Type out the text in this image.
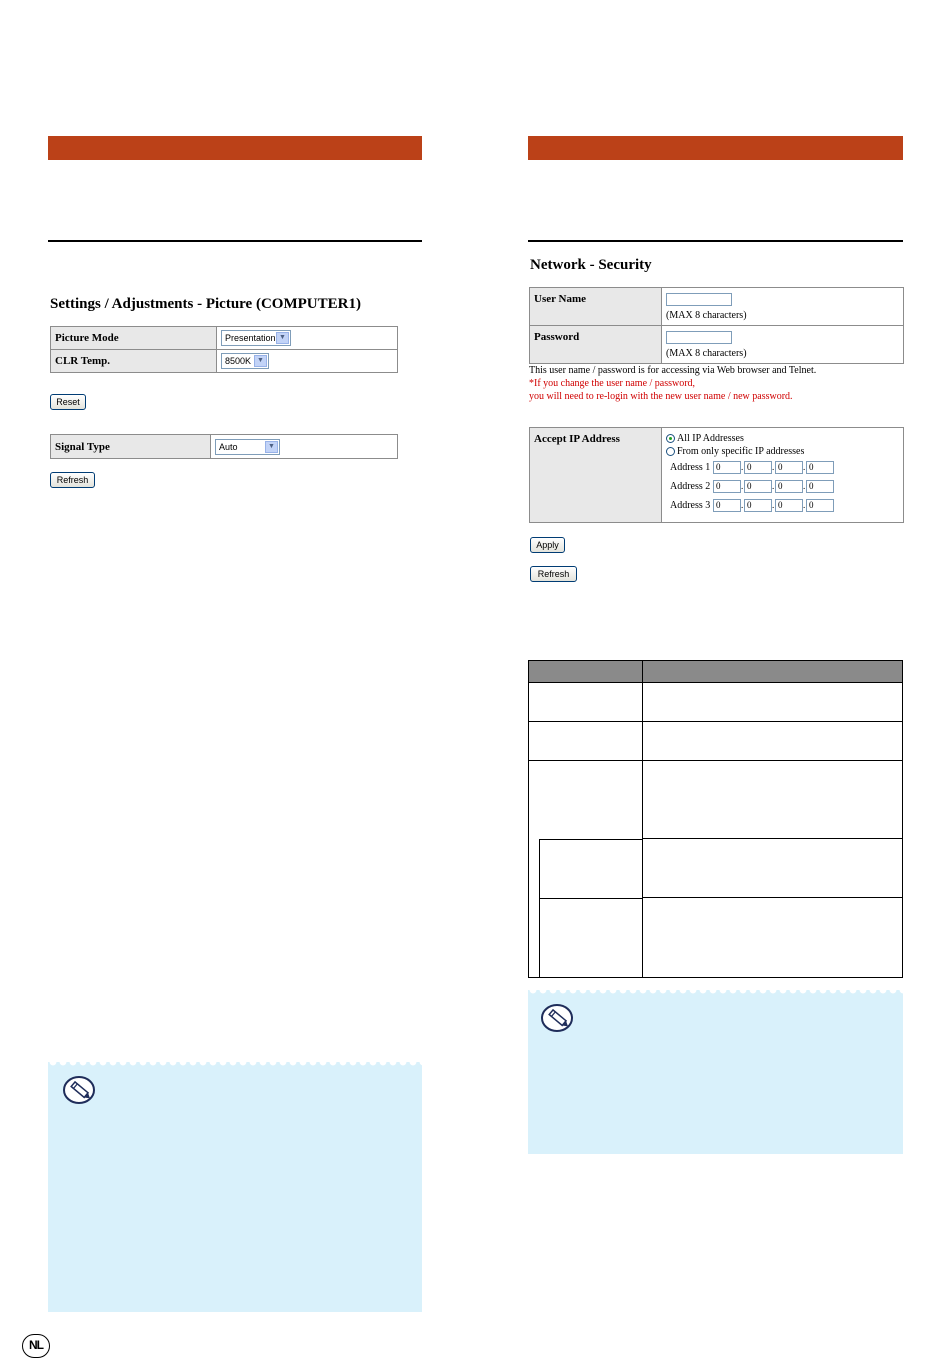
Settings / Adjustments - Picture (COMPUTER1)
Picture Mode	Presentation ▼

CLR Temp.	8500K ▼
Reset
Signal Type	Auto	▼
Refresh
Network - Security
User Name	(MAX 8 characters)
Password	(MAX 8 characters)
This user name / password is for accessing via Web browser and Telnet.
*If you change the user name / password,
you will need to re-login with the new user name / new password.
Accept IP Address	All IP Addresses
From only specific IP addresses
Address 1 0 . 0 . 0 . 0
Address 2 0 . 0 . 0 . 0
Address 3 0 . 0 . 0 . 0
Apply
Refresh

NL
